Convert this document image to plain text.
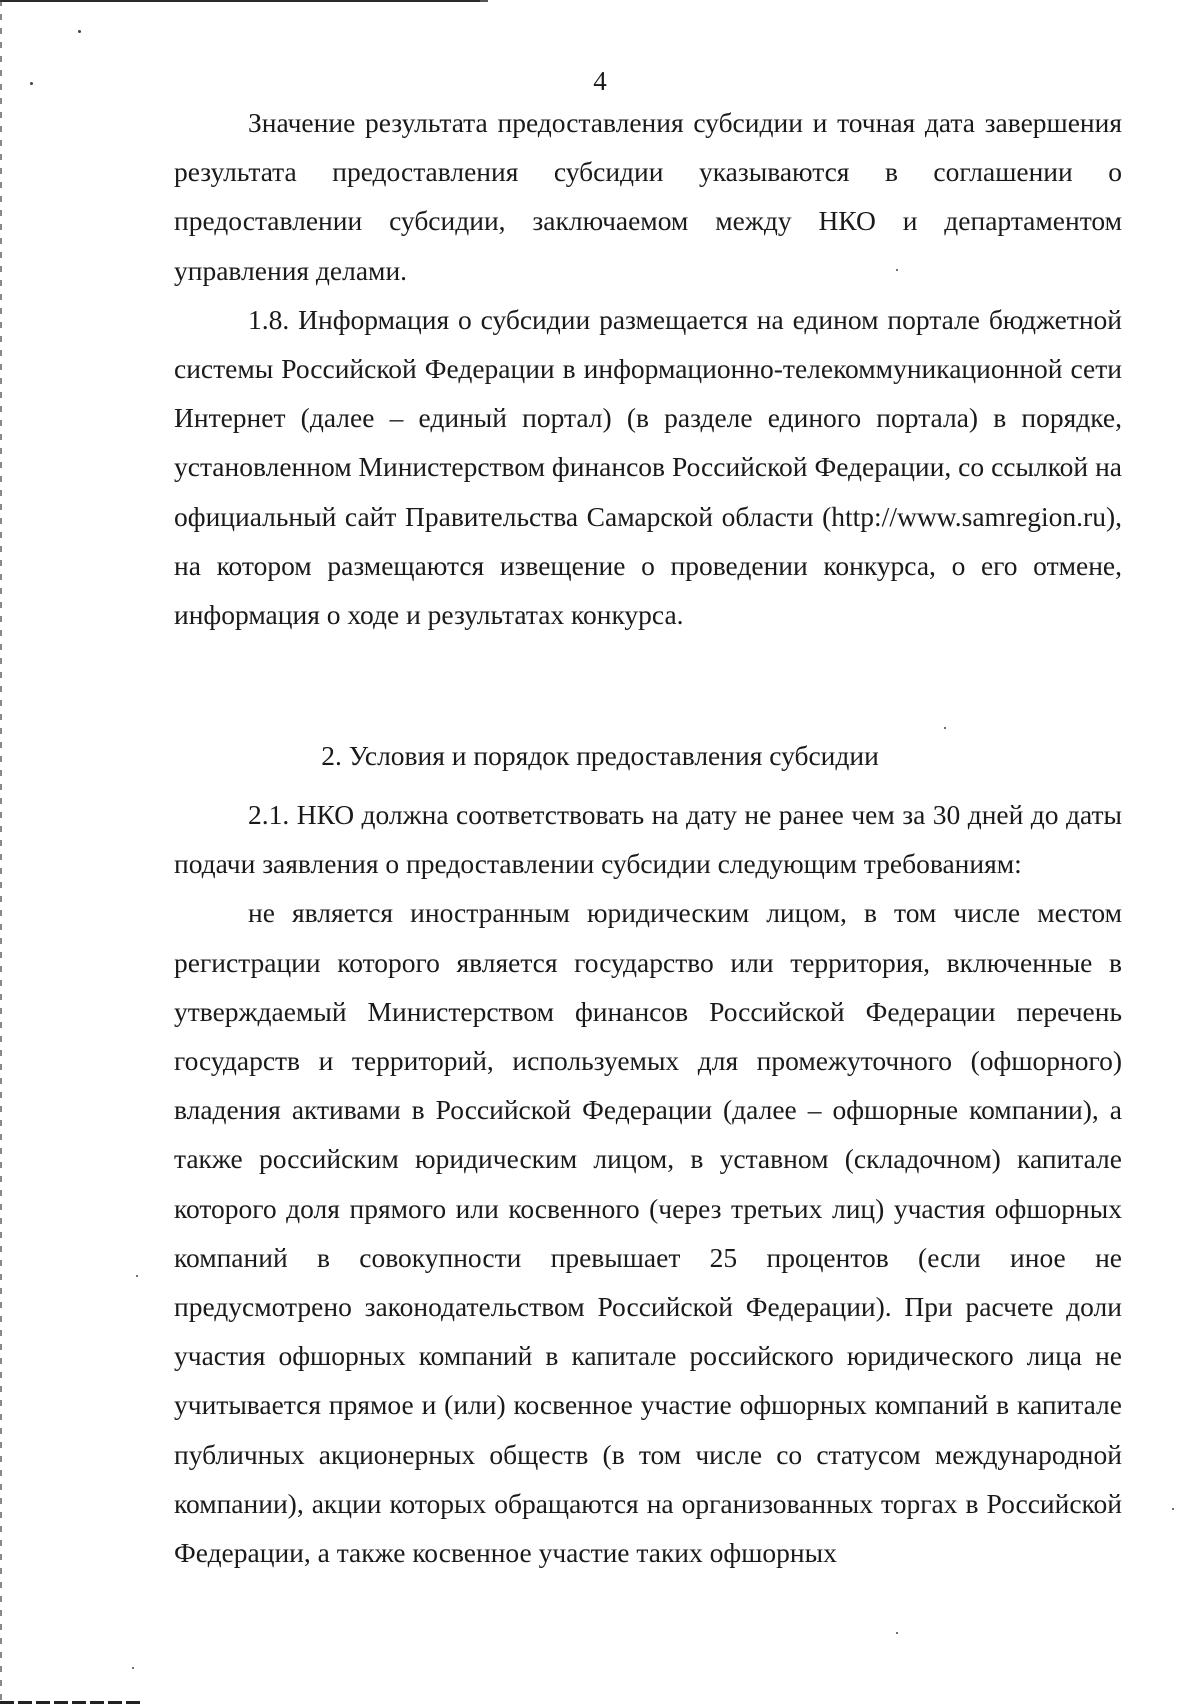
4

Значение результата предоставления субсидии и точная дата завершения результата предоставления субсидии указываются в соглашении о предоставлении субсидии, заключаемом между НКО и департаментом управления делами.

1.8. Информация о субсидии размещается на едином портале бюджетной системы Российской Федерации в информационно-телекоммуникационной сети Интернет (далее – единый портал) (в разделе единого портала) в порядке, установленном Министерством финансов Российской Федерации, со ссылкой на официальный сайт Правительства Самарской области (http://www.samregion.ru), на котором размещаются извещение о проведении конкурса, о его отмене, информация о ходе и результатах конкурса.

2. Условия и порядок предоставления субсидии

2.1. НКО должна соответствовать на дату не ранее чем за 30 дней до даты подачи заявления о предоставлении субсидии следующим требованиям:

не является иностранным юридическим лицом, в том числе местом регистрации которого является государство или территория, включенные в утверждаемый Министерством финансов Российской Федерации перечень государств и территорий, используемых для промежуточного (офшорного) владения активами в Российской Федерации (далее – офшорные компании), а также российским юридическим лицом, в уставном (складочном) капитале которого доля прямого или косвенного (через третьих лиц) участия офшорных компаний в совокупности превышает 25 процентов (если иное не предусмотрено законодательством Российской Федерации). При расчете доли участия офшорных компаний в капитале российского юридического лица не учитывается прямое и (или) косвенное участие офшорных компаний в капитале публичных акционерных обществ (в том числе со статусом международной компании), акции которых обращаются на организованных торгах в Российской Федерации, а также косвенное участие таких офшорных
